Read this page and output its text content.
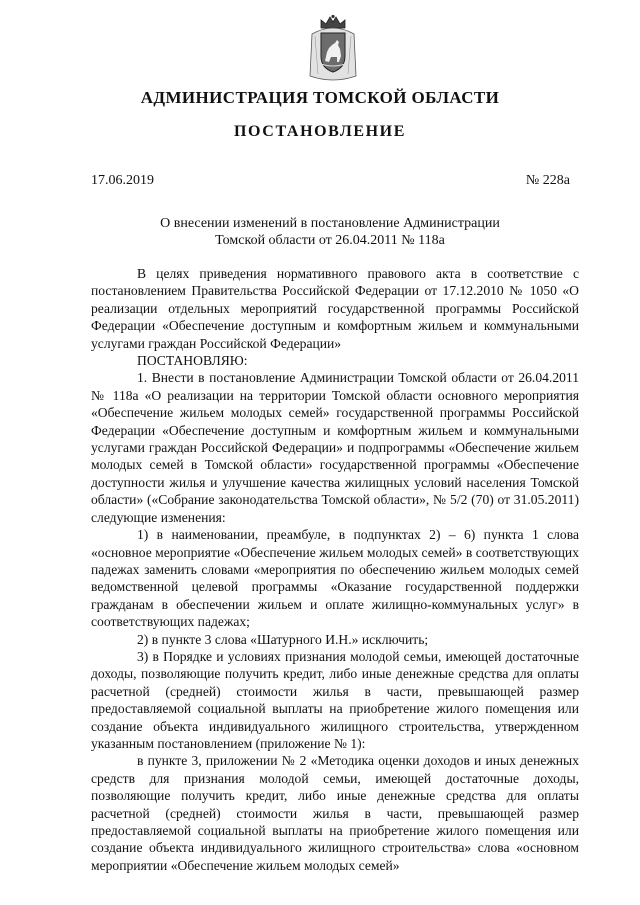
АДМИНИСТРАЦИЯ ТОМСКОЙ ОБЛАСТИ
ПОСТАНОВЛЕНИЕ
17.06.2019	№ 228а
О внесении изменений в постановление Администрации
Томской области от 26.04.2011 № 118а

В целях приведения нормативного правового акта в соответствие с постановлением Правительства Российской Федерации от 17.12.2010 № 1050 «О реализации отдельных мероприятий государственной программы Российской Федерации «Обеспечение доступным и комфортным жильем и коммунальными услугами граждан Российской Федерации»

ПОСТАНОВЛЯЮ:

1. Внести в постановление Администрации Томской области от 26.04.2011 № 118а «О реализации на территории Томской области основного мероприятия «Обеспечение жильем молодых семей» государственной программы Российской Федерации «Обеспечение доступным и комфортным жильем и коммунальными услугами граждан Российской Федерации» и подпрограммы «Обеспечение жильем молодых семей в Томской области» государственной программы «Обеспечение доступности жилья и улучшение качества жилищных условий населения Томской области» («Собрание законодательства Томской области», № 5/2 (70) от 31.05.2011) следующие изменения:

1) в наименовании, преамбуле, в подпунктах 2) – 6) пункта 1 слова «основное мероприятие «Обеспечение жильем молодых семей» в соответствующих падежах заменить словами «мероприятия по обеспечению жильем молодых семей ведомственной целевой программы «Оказание государственной поддержки гражданам в обеспечении жильем и оплате жилищно-коммунальных услуг» в соответствующих падежах;

2) в пункте 3 слова «Шатурного И.Н.» исключить;

3) в Порядке и условиях признания молодой семьи, имеющей достаточные доходы, позволяющие получить кредит, либо иные денежные средства для оплаты расчетной (средней) стоимости жилья в части, превышающей размер предоставляемой социальной выплаты на приобретение жилого помещения или создание объекта индивидуального жилищного строительства, утвержденном указанным постановлением (приложение № 1):

в пункте 3, приложении № 2 «Методика оценки доходов и иных денежных средств для признания молодой семьи, имеющей достаточные доходы, позволяющие получить кредит, либо иные денежные средства для оплаты расчетной (средней) стоимости жилья в части, превышающей размер предоставляемой социальной выплаты на приобретение жилого помещения или создание объекта индивидуального жилищного строительства» слова «основном мероприятии «Обеспечение жильем молодых семей»
